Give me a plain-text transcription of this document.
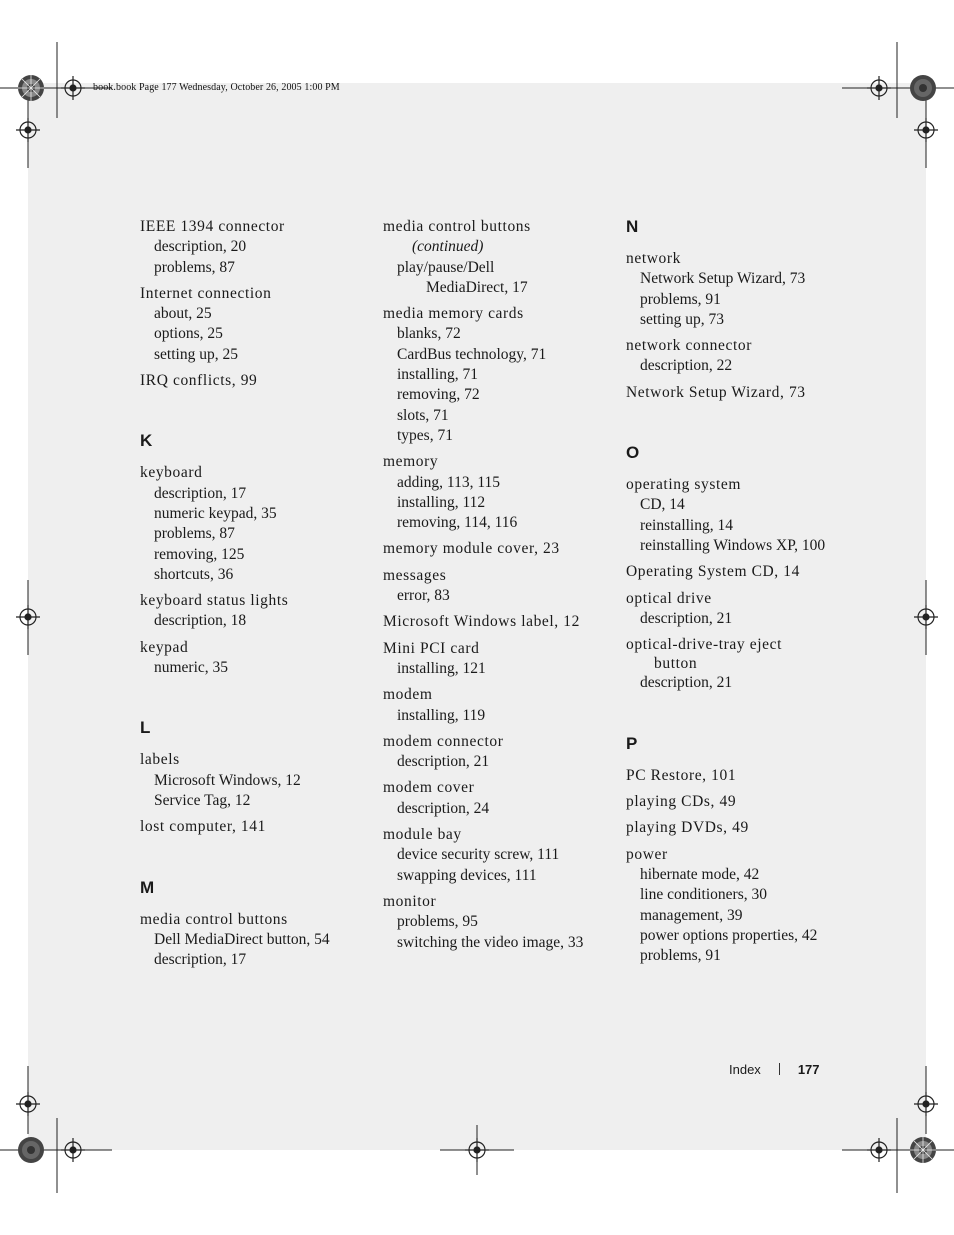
book.book Page 177 Wednesday, October 26, 2005 1:00 PM
IEEE 1394 connector
description, 20
problems, 87
Internet connection
about, 25
options, 25
setting up, 25
IRQ conflicts, 99
K
keyboard
description, 17
numeric keypad, 35
problems, 87
removing, 125
shortcuts, 36
keyboard status lights
description, 18
keypad
numeric, 35
L
labels
Microsoft Windows, 12
Service Tag, 12
lost computer, 141
M
media control buttons
Dell MediaDirect button, 54
description, 17
media control buttons
(continued)
play/pause/Dell
MediaDirect, 17
media memory cards
blanks, 72
CardBus technology, 71
installing, 71
removing, 72
slots, 71
types, 71
memory
adding, 113, 115
installing, 112
removing, 114, 116
memory module cover, 23
messages
error, 83
Microsoft Windows label, 12
Mini PCI card
installing, 121
modem
installing, 119
modem connector
description, 21
modem cover
description, 24
module bay
device security screw, 111
swapping devices, 111
monitor
problems, 95
switching the video image, 33
N
network
Network Setup Wizard, 73
problems, 91
setting up, 73
network connector
description, 22
Network Setup Wizard, 73
O
operating system
CD, 14
reinstalling, 14
reinstalling Windows XP, 100
Operating System CD, 14
optical drive
description, 21
optical-drive-tray eject
button
description, 21
P
PC Restore, 101
playing CDs, 49
playing DVDs, 49
power
hibernate mode, 42
line conditioners, 30
management, 39
power options properties, 42
problems, 91
Index	177
